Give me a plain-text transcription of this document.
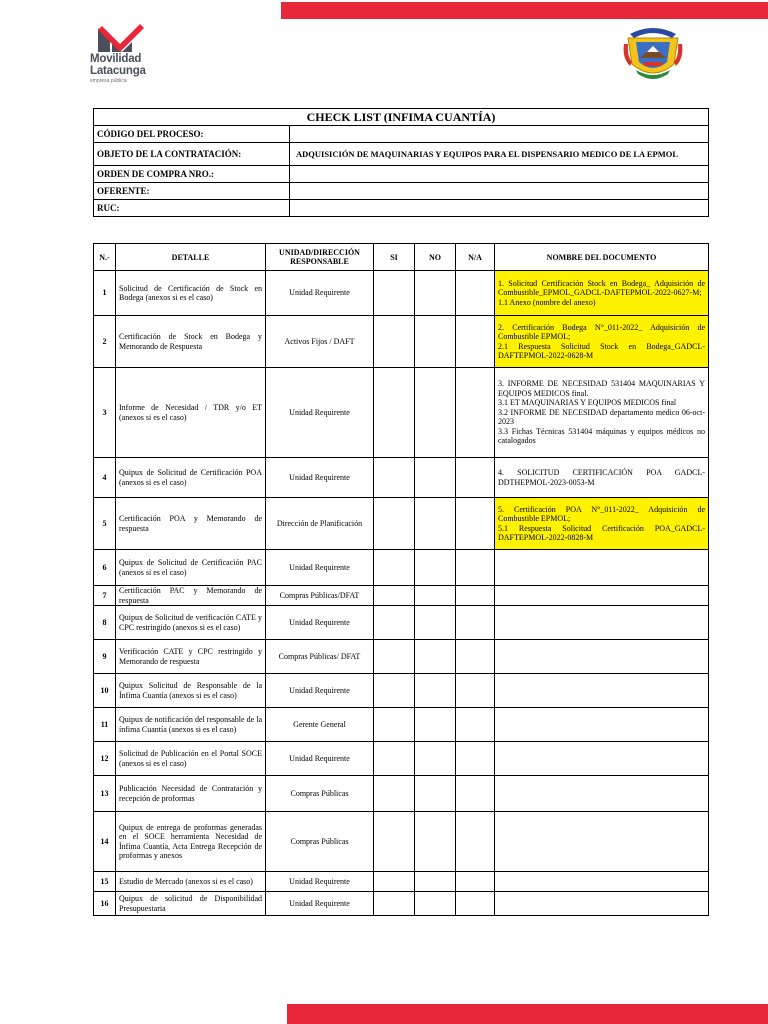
Movilidad
Latacunga
empresa pública
CHECK LIST (INFIMA CUANTÍA)	
CÓDIGO DEL PROCESO:	
OBJETO DE LA CONTRATACIÓN:	ADQUISICIÓN DE MAQUINARIAS Y EQUIPOS PARA EL DISPENSARIO MEDICO DE LA EPMOL
ORDEN DE COMPRA NRO.:	
OFERENTE:	
RUC:	
N.-	DETALLE	UNIDAD/DIRECCIÓN RESPONSABLE	SI	NO	N/A	NOMBRE DEL DOCUMENTO
1	Solicitud de Certificación de Stock en Bodega (anexos si es el caso)	Unidad Requirente				1. Solicitud Certificación Stock en Bodega_ Adquisición de Combustible_EPMOL_GADCL-DAFTEPMOL-2022-0627-M;
1.1 Anexo (nombre del anexo)

2	Certificación de Stock en Bodega y Memorando de Respuesta	Activos Fijos / DAFT				2. Certificación Bodega N°_011-2022_ Adquisición de Combustible EPMOL;
2.1 Respuesta Solicitud Stock en Bodega_GADCL-DAFTEPMOL-2022-0628-M

3	Informe de Necesidad / TDR y/o ET (anexos si es el caso)	Unidad Requirente				3. INFORME DE NECESIDAD 531404 MAQUINARIAS Y EQUIPOS MEDICOS final.
3.1 ET MAQUINARIAS Y EQUIPOS MEDICOS final
3.2 INFORME DE NECESIDAD departamento medico 06-oct-2023
3.3 Fichas Técnicas 531404 máquinas y equipos médicos no catalogados

4	Quipux de Solicitud de Certificación POA (anexos si es el caso)	Unidad Requirente				4. SOLICITUD CERTIFICACIÓN POA GADCL-DDTHEPMOL-2023-0053-M

5	Certificación POA y Memorando de respuesta	Dirección de Planificación				5. Certificación POA N°_011-2022_ Adquisición de Combustible EPMOL;
5.1 Respuesta Solicitud Certificación POA_GADCL-DAFTEPMOL-2022-0828-M

6	Quipux de Solicitud de Certificación PAC (anexos si es el caso)	Unidad Requirente				
7	Certificación PAC y Memorando de respuesta	Compras Públicas/DFAT				
8	Quipux de Solicitud de verificación CATE y CPC restringido (anexos si es el caso)	Unidad Requirente				
9	Verificación CATE y CPC restringido y Memorando de respuesta	Compras Públicas/ DFAT				
10	Quipux Solicitud de Responsable de la Ínfima Cuantía (anexos si es el caso)	Unidad Requirente				
11	Quipux de notificación del responsable de la ínfima Cuantía (anexos si es el caso)	Gerente General				
12	Solicitud de Publicación en el Portal SOCE (anexos si es el caso)	Unidad Requirente				
13	Publicación Necesidad de Contratación y recepción de proformas	Compras Públicas				
14	Quipux de entrega de proformas generadas en el SOCE herramienta Necesidad de Ínfima Cuantía, Acta Entrega Recepción de proformas y anexos	Compras Públicas				
15	Estudio de Mercado (anexos si es el caso)	Unidad Requirente				
16	Quipux de solicitud de Disponibilidad Presupuestaria	Unidad Requirente				
